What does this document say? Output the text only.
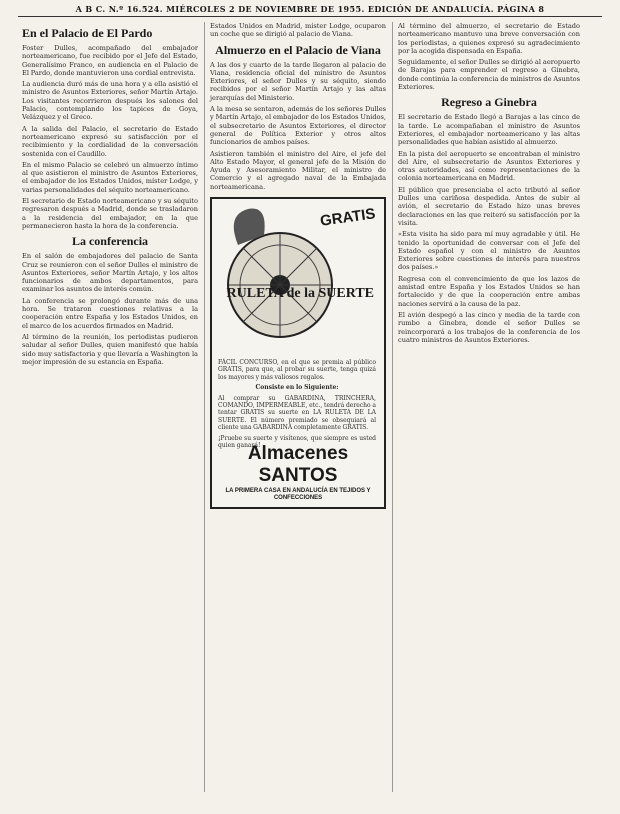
A B C. N.º 16.524. MIÉRCOLES 2 DE NOVIEMBRE DE 1955. EDICIÓN DE ANDALUCÍA. PÁGINA 8
En el Palacio de El Pardo

Foster Dulles, acompañado del embajador norteamericano, fue recibido por el Jefe del Estado, Generalísimo Franco, en audiencia en el Palacio de El Pardo, donde mantuvieron una cordial entrevista.

La audiencia duró más de una hora y a ella asistió el ministro de Asuntos Exteriores, señor Martín Artajo. Los visitantes recorrieron después los salones del Palacio, contemplando los tapices de Goya, Velázquez y el Greco.

A la salida del Palacio, el secretario de Estado norteamericano expresó su satisfacción por el recibimiento y la cordialidad de la conversación sostenida con el Caudillo.

En el mismo Palacio se celebró un almuerzo íntimo al que asistieron el ministro de Asuntos Exteriores, el embajador de los Estados Unidos, míster Lodge, y varias personalidades del séquito norteamericano.

El secretario de Estado norteamericano y su séquito regresaron después a Madrid, donde se trasladaron a la residencia del embajador, en la que permanecieron hasta la hora de la conferencia.

La conferencia

En el salón de embajadores del palacio de Santa Cruz se reunieron con el señor Dulles el ministro de Asuntos Exteriores, señor Martín Artajo, y los altos funcionarios de ambos departamentos, para examinar los asuntos de interés común.

La conferencia se prolongó durante más de una hora. Se trataron cuestiones relativas a la cooperación entre España y los Estados Unidos, en el marco de los acuerdos firmados en Madrid.

Al término de la reunión, los periodistas pudieron saludar al señor Dulles, quien manifestó que había sido muy satisfactoria y que llevaría a Washington la mejor impresión de su estancia en España.

Estados Unidos en Madrid, míster Lodge, ocuparon un coche que se dirigió al palacio de Viana.

Almuerzo en el Palacio de Viana

A las dos y cuarto de la tarde llegaron al palacio de Viana, residencia oficial del ministro de Asuntos Exteriores, el señor Dulles y su séquito, siendo recibidos por el señor Martín Artajo y las altas jerarquías del Ministerio.

A la mesa se sentaron, además de los señores Dulles y Martín Artajo, el embajador de los Estados Unidos, el subsecretario de Asuntos Exteriores, el director general de Política Exterior y otros altos funcionarios de ambos países.

Asistieron también el ministro del Aire, el jefe del Alto Estado Mayor, el general jefe de la Misión de Ayuda y Asesoramiento Militar, el ministro de Comercio y el agregado naval de la Embajada norteamericana.

GRATIS
RULETA de la SUERTE

FÁCIL CONCURSO, en el que se premia al público GRATIS, para que, al probar su suerte, tenga quizá los mayores y más valiosos regalos.

Consiste en lo Siguiente:

Al comprar su GABARDINA, TRINCHERA, COMANDO, IMPERMEABLE, etc., tendrá derecho a tentar GRATIS su suerte en LA RULETA DE LA SUERTE. El número premiado se obsequiará al cliente una GABARDINA completamente GRATIS.

¡Pruebe su suerte y visítenos, que siempre es usted quien ganará!

Almacenes SANTOS
LA PRIMERA CASA EN ANDALUCÍA EN TEJIDOS Y CONFECCIONES

Al término del almuerzo, el secretario de Estado norteamericano mantuvo una breve conversación con los periodistas, a quienes expresó su agradecimiento por la acogida dispensada en España.

Seguidamente, el señor Dulles se dirigió al aeropuerto de Barajas para emprender el regreso a Ginebra, donde continúa la conferencia de ministros de Asuntos Exteriores.

Regreso a Ginebra

El secretario de Estado llegó a Barajas a las cinco de la tarde. Le acompañaban el ministro de Asuntos Exteriores, el embajador norteamericano y las altas personalidades que habían asistido al almuerzo.

En la pista del aeropuerto se encontraban el ministro del Aire, el subsecretario de Asuntos Exteriores y otras autoridades, así como representaciones de la colonia norteamericana en Madrid.

El público que presenciaba el acto tributó al señor Dulles una cariñosa despedida. Antes de subir al avión, el secretario de Estado hizo unas breves declaraciones en las que reiteró su satisfacción por la visita.

«Esta visita ha sido para mí muy agradable y útil. He tenido la oportunidad de conversar con el Jefe del Estado español y con el ministro de Asuntos Exteriores sobre cuestiones de interés para nuestros dos países.»

Regresa con el convencimiento de que los lazos de amistad entre España y los Estados Unidos se han fortalecido y de que la cooperación entre ambas naciones servirá a la causa de la paz.

El avión despegó a las cinco y media de la tarde con rumbo a Ginebra, donde el señor Dulles se reincorporará a los trabajos de la conferencia de los cuatro ministros de Asuntos Exteriores.
